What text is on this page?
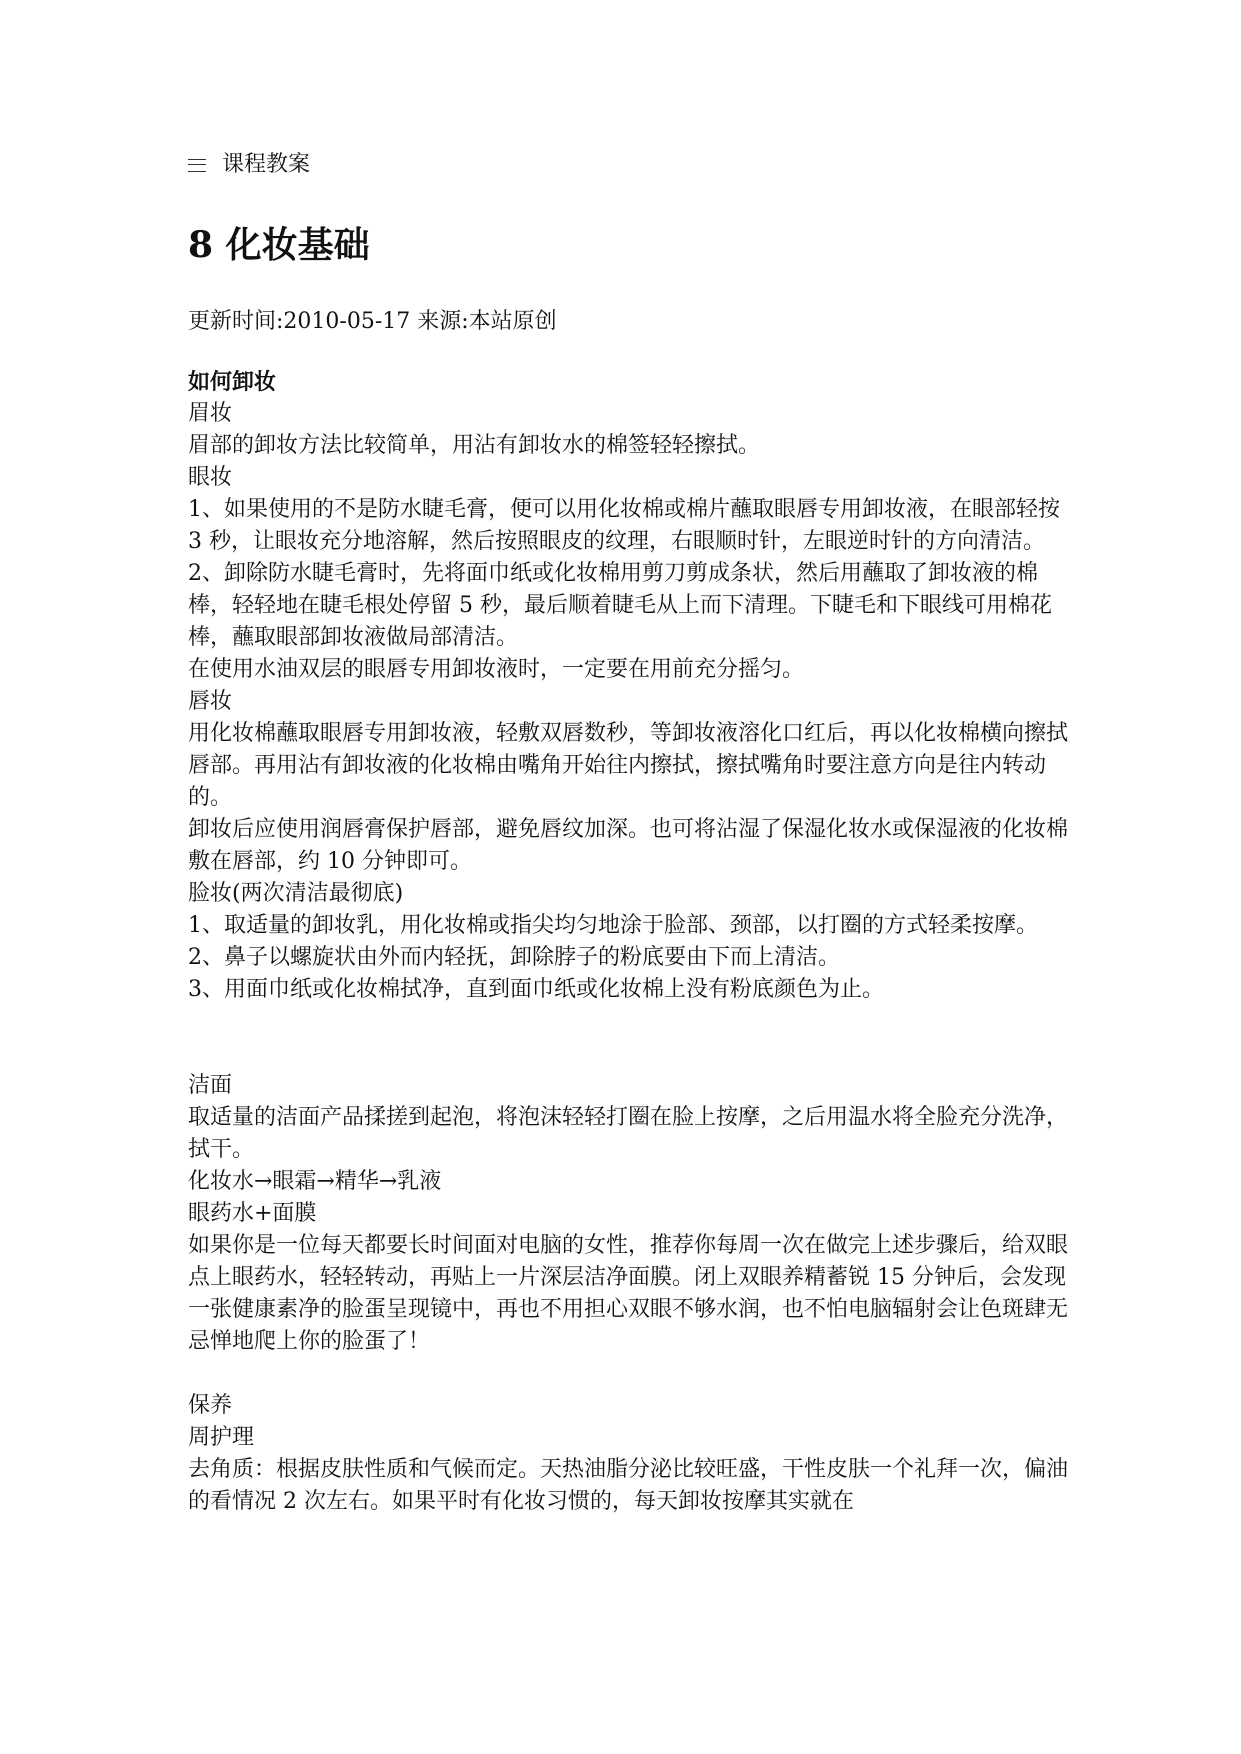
课程教案
8 化妆基础
更新时间:2010-05-17 来源:本站原创

如何卸妆

眉妆

眉部的卸妆方法比较简单，用沾有卸妆水的棉签轻轻擦拭。

眼妆

1、如果使用的不是防水睫毛膏，便可以用化妆棉或棉片蘸取眼唇专用卸妆液，在眼部轻按 3 秒，让眼妆充分地溶解，然后按照眼皮的纹理，右眼顺时针，左眼逆时针的方向清洁。

2、卸除防水睫毛膏时，先将面巾纸或化妆棉用剪刀剪成条状，然后用蘸取了卸妆液的棉棒，轻轻地在睫毛根处停留 5 秒，最后顺着睫毛从上而下清理。下睫毛和下眼线可用棉花棒，蘸取眼部卸妆液做局部清洁。

在使用水油双层的眼唇专用卸妆液时，一定要在用前充分摇匀。

唇妆

用化妆棉蘸取眼唇专用卸妆液，轻敷双唇数秒，等卸妆液溶化口红后，再以化妆棉横向擦拭唇部。再用沾有卸妆液的化妆棉由嘴角开始往内擦拭，擦拭嘴角时要注意方向是往内转动的。

卸妆后应使用润唇膏保护唇部，避免唇纹加深。也可将沾湿了保湿化妆水或保湿液的化妆棉敷在唇部，约 10 分钟即可。

脸妆(两次清洁最彻底)

1、取适量的卸妆乳，用化妆棉或指尖均匀地涂于脸部、颈部，以打圈的方式轻柔按摩。

2、鼻子以螺旋状由外而内轻抚，卸除脖子的粉底要由下而上清洁。

3、用面巾纸或化妆棉拭净，直到面巾纸或化妆棉上没有粉底颜色为止。

洁面

取适量的洁面产品揉搓到起泡，将泡沫轻轻打圈在脸上按摩，之后用温水将全脸充分洗净，拭干。

化妆水→眼霜→精华→乳液

眼药水+面膜

如果你是一位每天都要长时间面对电脑的女性，推荐你每周一次在做完上述步骤后，给双眼点上眼药水，轻轻转动，再贴上一片深层洁净面膜。闭上双眼养精蓄锐 15 分钟后，会发现一张健康素净的脸蛋呈现镜中，再也不用担心双眼不够水润，也不怕电脑辐射会让色斑肆无忌惮地爬上你的脸蛋了！

保养

周护理

去角质：根据皮肤性质和气候而定。天热油脂分泌比较旺盛，干性皮肤一个礼拜一次，偏油的看情况 2 次左右。如果平时有化妆习惯的，每天卸妆按摩其实就在
